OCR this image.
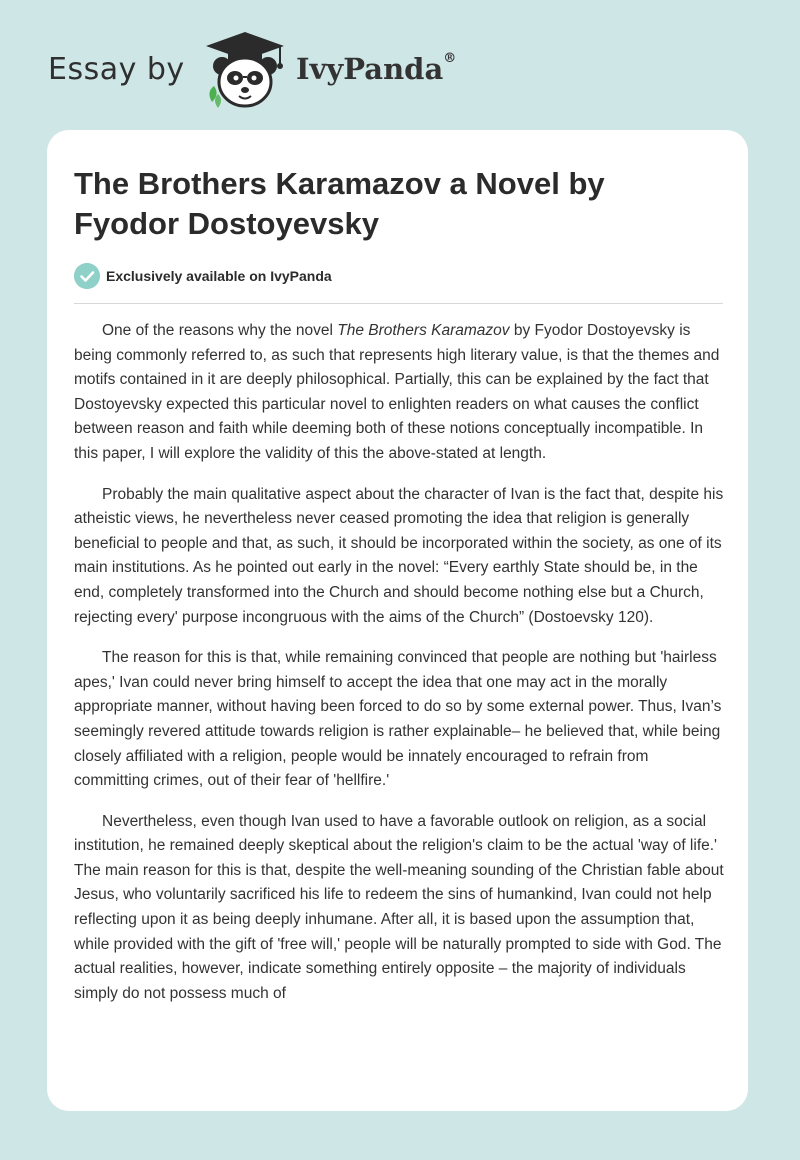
Essay by	IvyPanda®
The Brothers Karamazov a Novel by Fyodor Dostoyevsky
Exclusively available on IvyPanda

One of the reasons why the novel The Brothers Karamazov by Fyodor Dostoyevsky is being commonly referred to, as such that represents high literary value, is that the themes and motifs contained in it are deeply philosophical. Partially, this can be explained by the fact that Dostoyevsky expected this particular novel to enlighten readers on what causes the conflict between reason and faith while deeming both of these notions conceptually incompatible. In this paper, I will explore the validity of this the above-stated at length.

Probably the main qualitative aspect about the character of Ivan is the fact that, despite his atheistic views, he nevertheless never ceased promoting the idea that religion is generally beneficial to people and that, as such, it should be incorporated within the society, as one of its main institutions. As he pointed out early in the novel: “Every earthly State should be, in the end, completely transformed into the Church and should become nothing else but a Church, rejecting every' purpose incongruous with the aims of the Church” (Dostoevsky 120).

The reason for this is that, while remaining convinced that people are nothing but 'hairless apes,' Ivan could never bring himself to accept the idea that one may act in the morally appropriate manner, without having been forced to do so by some external power. Thus, Ivan’s seemingly revered attitude towards religion is rather explainable– he believed that, while being closely affiliated with a religion, people would be innately encouraged to refrain from committing crimes, out of their fear of 'hellfire.'

Nevertheless, even though Ivan used to have a favorable outlook on religion, as a social institution, he remained deeply skeptical about the religion's claim to be the actual 'way of life.' The main reason for this is that, despite the well-meaning sounding of the Christian fable about Jesus, who voluntarily sacrificed his life to redeem the sins of humankind, Ivan could not help reflecting upon it as being deeply inhumane. After all, it is based upon the assumption that, while provided with the gift of 'free will,' people will be naturally prompted to side with God. The actual realities, however, indicate something entirely opposite – the majority of individuals simply do not possess much of
